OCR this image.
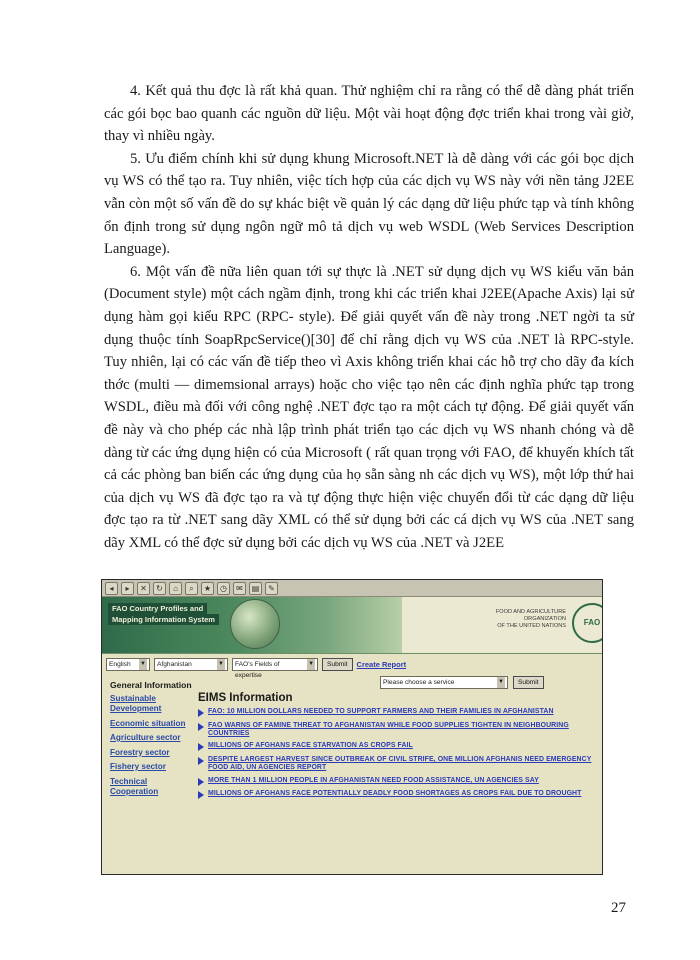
4. Kết quả thu đợc là rất khả quan. Thử nghiệm chỉ ra rằng có thể dễ dàng phát triển các gói bọc bao quanh các nguồn dữ liệu. Một vài hoạt động đợc triển khai trong vài giờ, thay vì nhiều ngày.

5. Ưu điểm chính khi sử dụng khung Microsoft.NET là dễ dàng với các gói bọc dịch vụ WS có thể tạo ra. Tuy nhiên, việc tích hợp của các dịch vụ WS này với nền tảng J2EE vẫn còn một số vấn đề do sự khác biệt về quản lý các dạng dữ liệu phức tạp và tính không ổn định trong sử dụng ngôn ngữ mô tả dịch vụ web WSDL (Web Services Description Language).

6. Một vấn đề nữa liên quan tới sự thực là .NET sử dụng dịch vụ WS kiểu văn bản (Document style) một cách ngầm định, trong khi các triển khai J2EE(Apache Axis) lại sử dụng hàm gọi kiểu RPC (RPC- style). Để giải quyết vấn đề này trong .NET ngời ta sử dụng thuộc tính SoapRpcService()[30] để chỉ rằng dịch vụ WS của .NET là RPC-style. Tuy nhiên, lại có các vấn đề tiếp theo vì Axis không triển khai các hỗ trợ cho dãy đa kích thớc (multi — dimemsional arrays) hoặc cho việc tạo nên các định nghĩa phức tạp trong WSDL, điều mà đối với công nghệ .NET đợc tạo ra một cách tự động. Để giải quyết vấn đề này và cho phép các nhà lập trình phát triển tạo các dịch vụ WS nhanh chóng và dễ dàng từ các ứng dụng hiện có của Microsoft ( rất quan trọng với FAO, để khuyến khích tất cả các phòng ban biến các ứng dụng của họ sẵn sàng nh các dịch vụ WS), một lớp thứ hai của dịch vụ WS đã đợc tạo ra và tự động thực hiện việc chuyển đổi từ các dạng dữ liệu đợc tạo ra từ .NET sang dãy XML có thể sử dụng bởi các cá dịch vụ WS của .NET sang dãy XML có thể đợc sử dụng bởi các dịch vụ WS của .NET và J2EE

◂	▸	✕	↻	⌂	⌕	★	◷	✉	▤	✎
FAO Country Profiles and
Mapping Information System
FOOD AND AGRICULTURE
ORGANIZATION
OF THE UNITED NATIONS	FAO
English ▼ Afghanistan	▼ FAO's Fields of expertise
▼	Submit	Create Report
General Information
Sustainable Development
Economic situation
Agriculture sector
Forestry sector
Fishery sector
Technical Cooperation
Please choose a service	▼	Submit
EIMS Information
FAO: 10 MILLION DOLLARS NEEDED TO SUPPORT FARMERS AND THEIR FAMILIES IN AFGHANISTAN
FAO WARNS OF FAMINE THREAT TO AFGHANISTAN WHILE FOOD SUPPLIES TIGHTEN IN NEIGHBOURING COUNTRIES
MILLIONS OF AFGHANS FACE STARVATION AS CROPS FAIL
DESPITE LARGEST HARVEST SINCE OUTBREAK OF CIVIL STRIFE, ONE MILLION AFGHANIS NEED EMERGENCY FOOD AID, UN AGENCIES REPORT
MORE THAN 1 MILLION PEOPLE IN AFGHANISTAN NEED FOOD ASSISTANCE, UN AGENCIES SAY
MILLIONS OF AFGHANS FACE POTENTIALLY DEADLY FOOD SHORTAGES AS CROPS FAIL DUE TO DROUGHT
27
